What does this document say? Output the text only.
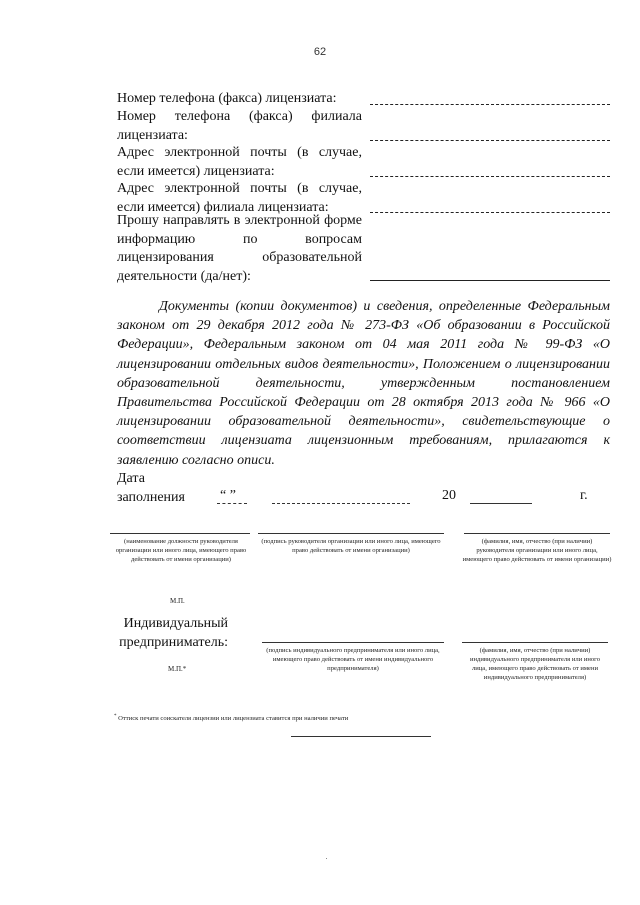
62
Номер телефона (факса) лицензиата:
Номер телефона (факса) филиала лицензиата:
Адрес электронной почты (в случае, если имеется) лицензиата:
Адрес электронной почты (в случае, если имеется) филиала лицензиата:
Прошу направлять в электронной форме информацию по вопросам лицензирования образовательной деятельности (да/нет):

Документы (копии документов) и сведения, определенные Федеральным законом от 29 декабря 2012 года № 273-ФЗ «Об образовании в Российской Федерации», Федеральным законом от 04 мая 2011 года № 99-ФЗ «О лицензировании отдельных видов деятельности», Положением о лицензировании образовательной деятельности, утвержденным постановлением Правительства Российской Федерации от 28 октября 2013 года № 966 «О лицензировании образовательной деятельности», свидетельствующие о соответствии лицензиата лицензионным требованиям, прилагаются к заявлению согласно описи.

Дата
заполнения	“ ”	20	г.
(наименование должности руководителя организации или иного лица, имеющего право действовать от имени организации)
(подпись руководителя организации или иного лица, имеющего право действовать от имени организации)
(фамилия, имя, отчество (при наличии) руководителя организации или иного лица, имеющего право действовать от имени организации)
М.П.
Индивидуальный предприниматель:
(подпись индивидуального предпринимателя или иного лица, имеющего право действовать от имени индивидуального предпринимателя)
(фамилия, имя, отчество (при наличии) индивидуального предпринимателя или иного лица, имеющего право действовать от имени индивидуального предпринимателя)
М.П.*
* Оттиск печати соискателя лицензии или лицензиата ставится при наличии печати
